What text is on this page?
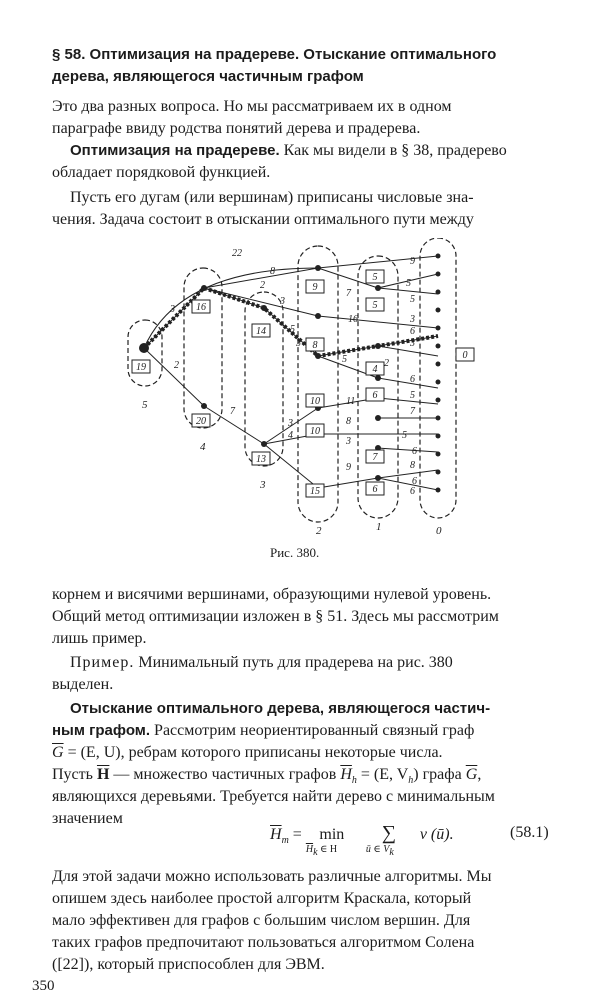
§ 58. Оптимизация на прадереве. Отыскание оптимального
дерева, являющегося частичным графом
Это два разных вопроса. Но мы рассматриваем их в одном
параграфе ввиду родства понятий дерева и прадерева.
Оптимизация на прадереве. Как мы видели в § 38, прадерево
обладает порядковой функцией.
Пусть его дугам (или вершинам) приписаны числовые зна-
чения. Задача состоит в отыскании оптимального пути между
19
16
20
14
13
9
8
10
10
15
5
5
4
6
7
6
0
22
8
3
2
9
7
5
16
5
3
6
3
5	2
7
3
4
11
6
5
3
9	8
6
2
3
3
5
7
8
6
6
5
5
4
3
2	1	0
Рис. 380.
корнем и висячими вершинами, образующими нулевой уровень.
Общий метод оптимизации изложен в § 51. Здесь мы рассмотрим
лишь пример.
Пример. Минимальный путь для прадерева на рис. 380
выделен.
Отыскание оптимального дерева, являющегося частич-
ным графом. Рассмотрим неориентированный связный граф
$\overline{G} = (E$, U), ребрам которого приписаны некоторые числа.
Пусть $\overline{H}$ — множество частичных графов $\overline{H}_h = (E$, $V_h$) графа $\overline{G}$,
являющихся деревьями. Требуется найти дерево с минимальным
значением
$\overline{H}_m = \min$
$\overline{H}_k$ ∈ H
∑
ū ∈ $V_k$
v (ū).	(58.1)
Для этой задачи можно использовать различные алгоритмы. Мы
опишем здесь наиболее простой алгоритм Краскала, который
мало эффективен для графов с большим числом вершин. Для
таких графов предпочитают пользоваться алгоритмом Солена
([22]), который приспособлен для ЭВМ.
350
